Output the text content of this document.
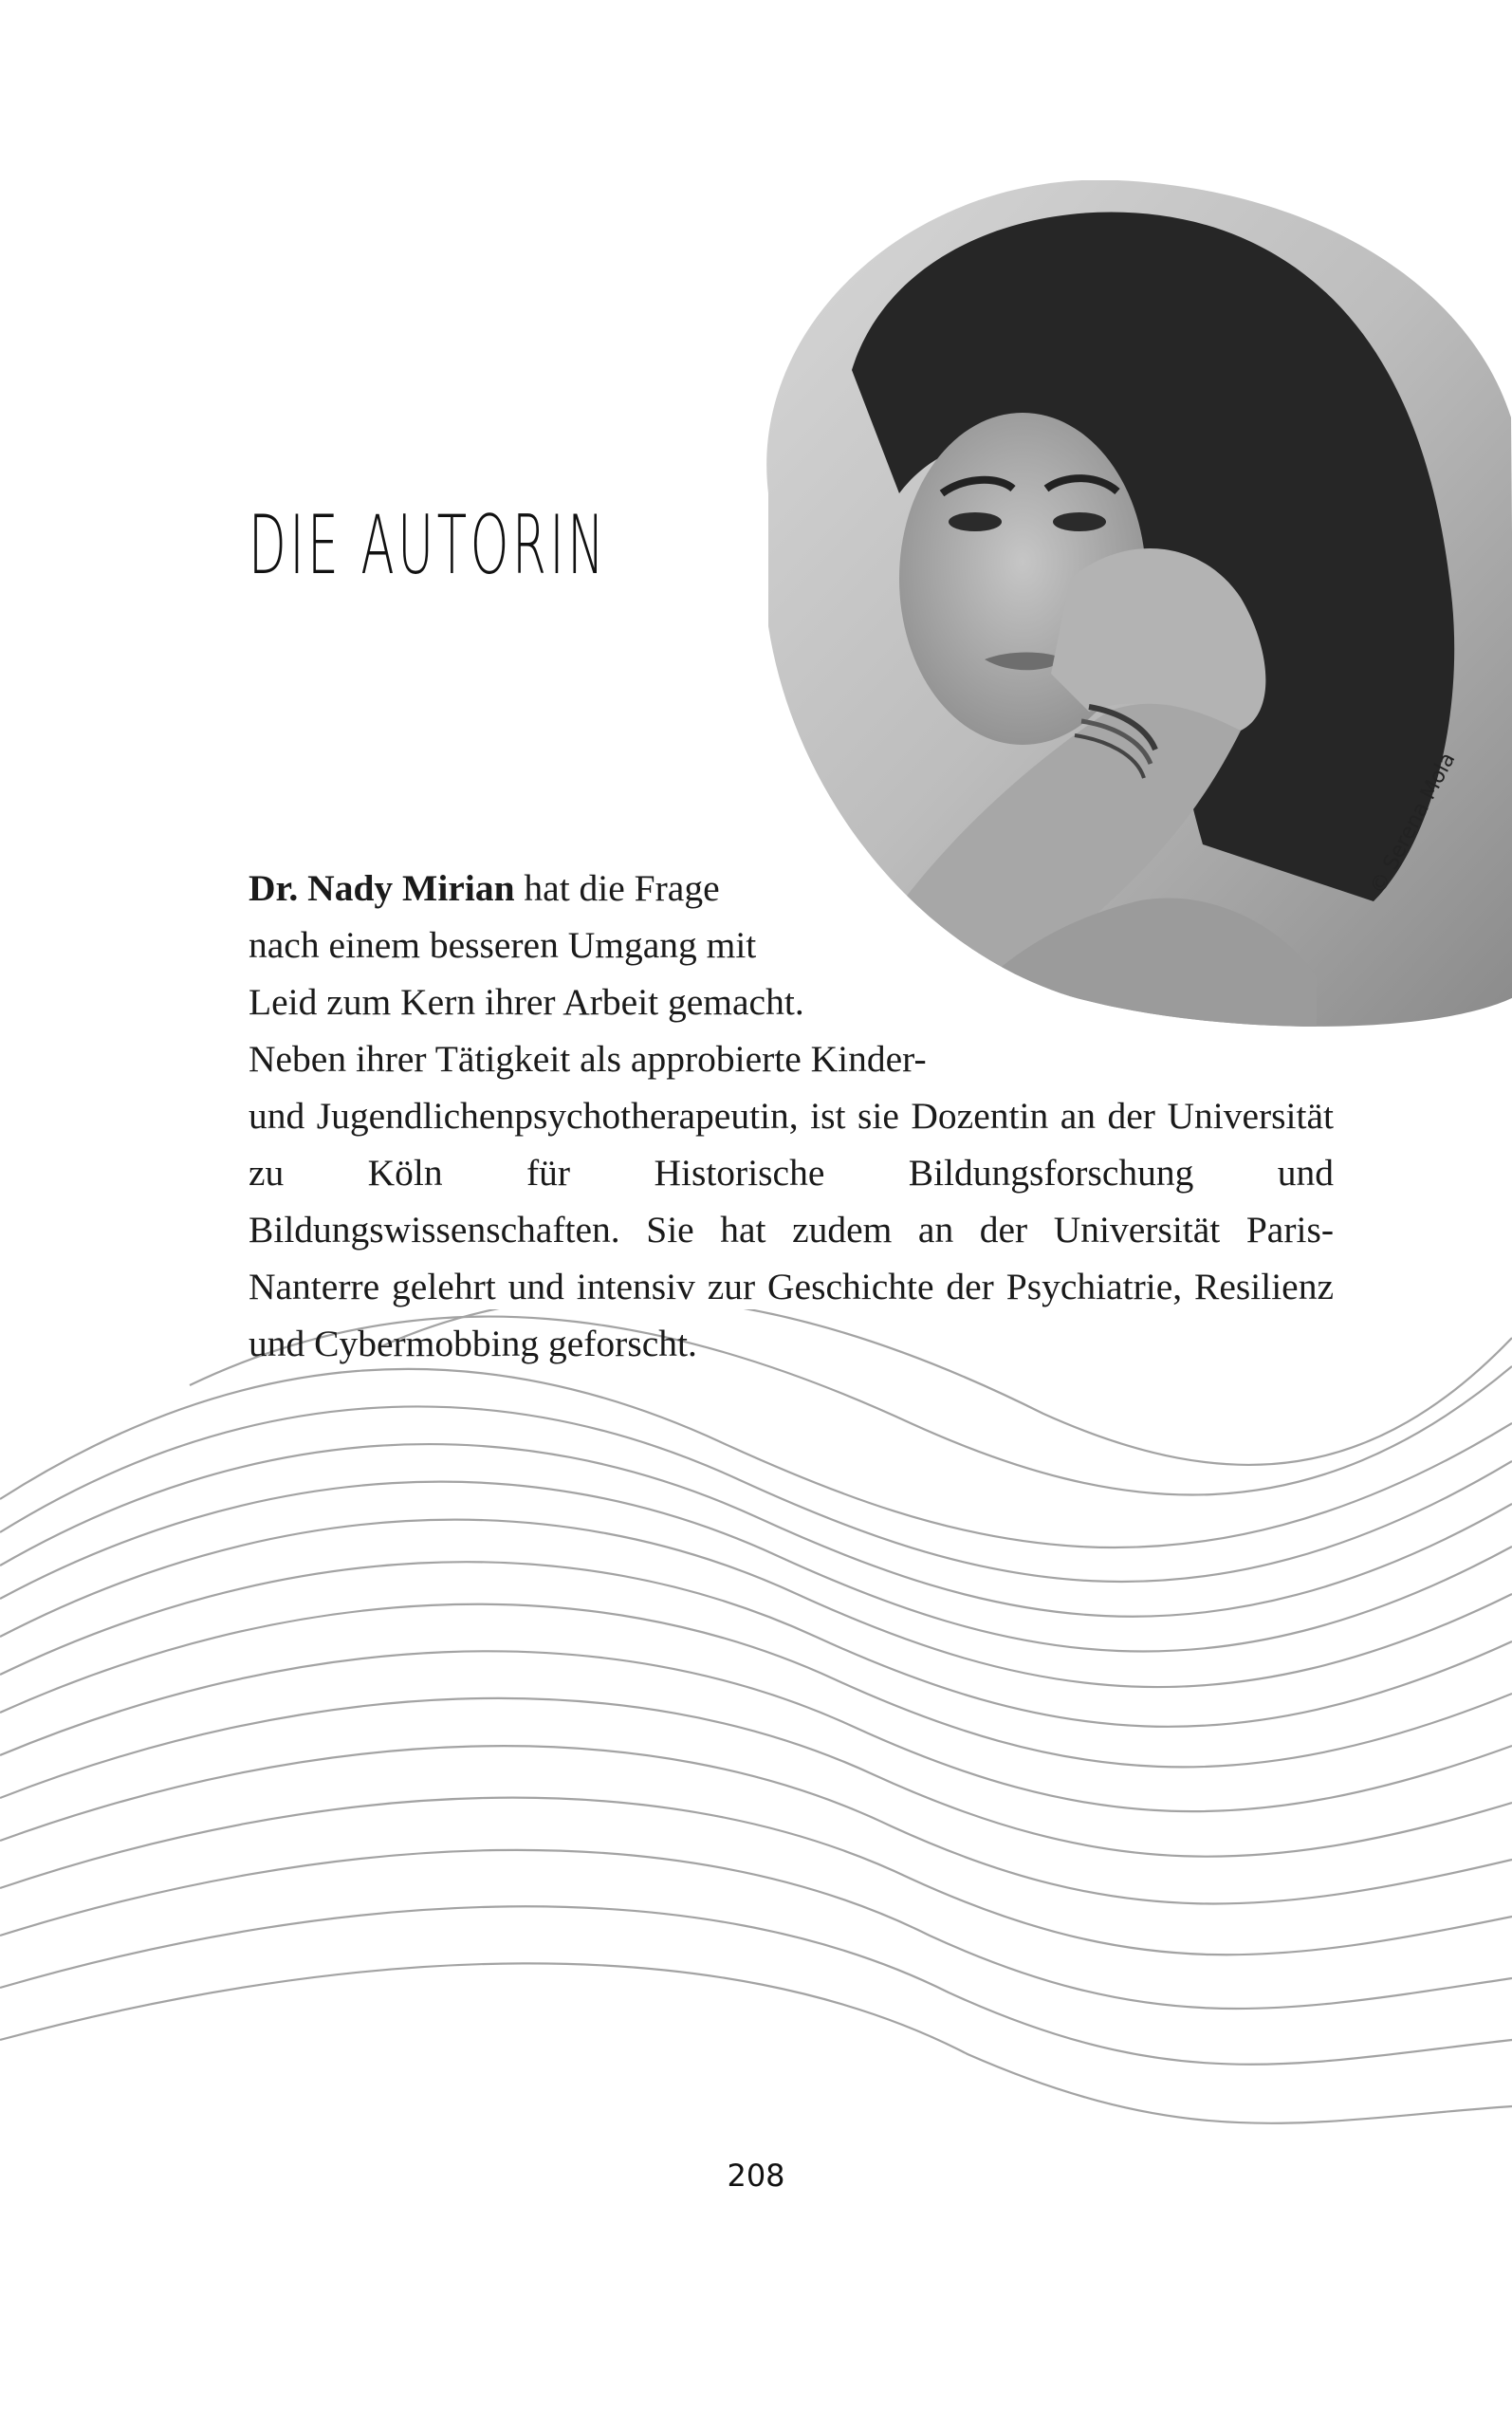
DIE AUTORIN
© Serena Mola

Dr. Nady Mirian hat die Frage
nach einem besseren Umgang mit
Leid zum Kern ihrer Arbeit gemacht.
Neben ihrer Tätigkeit als approbierte Kinder-
und Jugendlichenpsychotherapeutin, ist sie Dozentin an der Universität zu Köln für Historische Bildungsforschung und Bildungswissenschaften. Sie hat zudem an der Universität Paris-Nanterre gelehrt und intensiv zur Geschichte der Psychiatrie, Resilienz und Cybermobbing geforscht.

208
